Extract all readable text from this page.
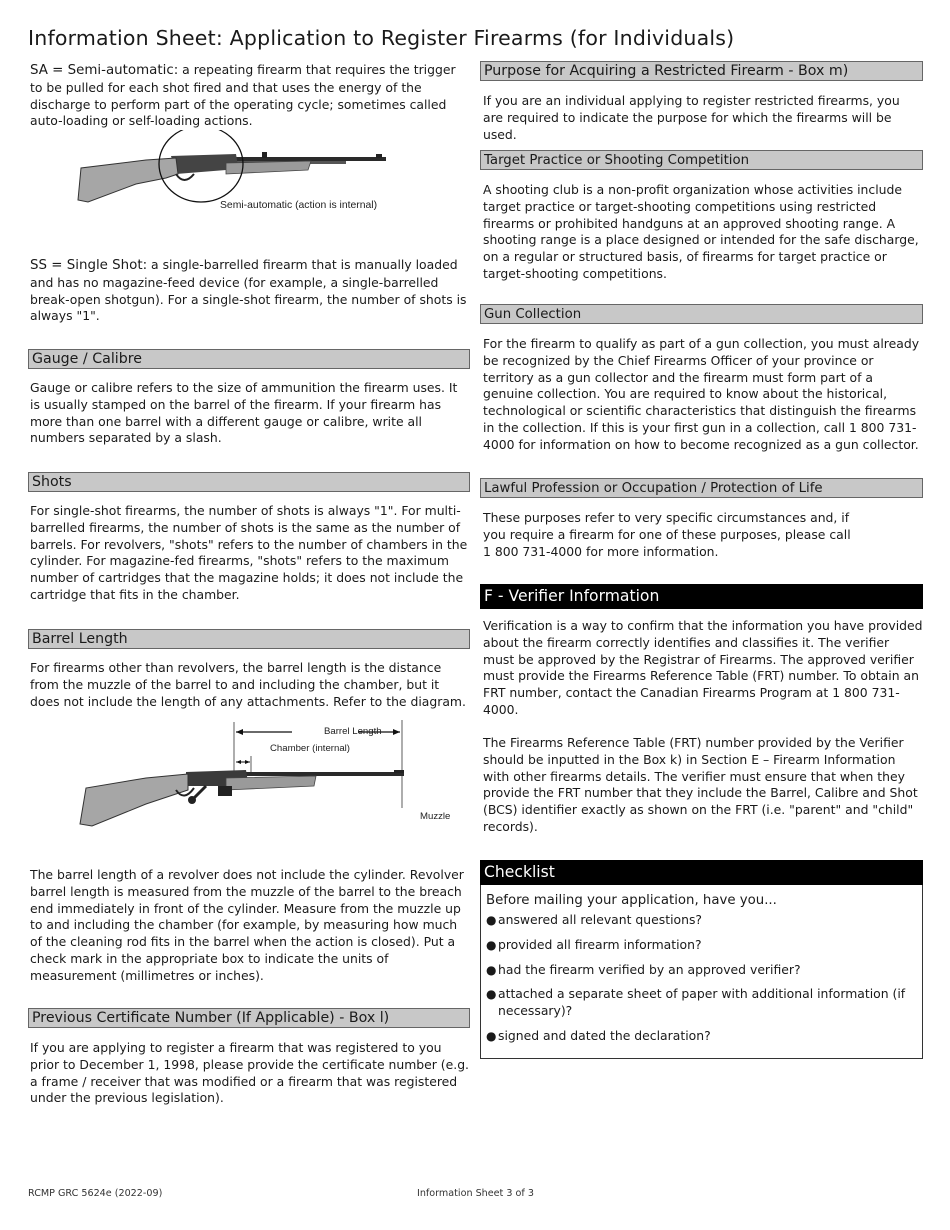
Information Sheet: Application to Register Firearms (for Individuals)

SA = Semi-automatic: a repeating firearm that requires the trigger to be pulled for each shot fired and that uses the energy of the discharge to perform part of the operating cycle; sometimes called auto-loading or self-loading actions.

Semi-automatic (action is internal)

SS = Single Shot: a single-barrelled firearm that is manually loaded and has no magazine-feed device (for example, a single-barrelled break-open shotgun). For a single-shot firearm, the number of shots is always "1".

Gauge / Calibre

Gauge or calibre refers to the size of ammunition the firearm uses. It is usually stamped on the barrel of the firearm. If your firearm has more than one barrel with a different gauge or calibre, write all numbers separated by a slash.

Shots

For single-shot firearms, the number of shots is always "1". For multi-barrelled firearms, the number of shots is the same as the number of barrels. For revolvers, "shots" refers to the number of chambers in the cylinder. For magazine-fed firearms, "shots" refers to the maximum number of cartridges that the magazine holds; it does not include the cartridge that fits in the chamber.

Barrel Length

For firearms other than revolvers, the barrel length is the distance from the muzzle of the barrel to and including the chamber, but it does not include the length of any attachments. Refer to the diagram.

Barrel Length
Chamber (internal)
Muzzle

The barrel length of a revolver does not include the cylinder. Revolver barrel length is measured from the muzzle of the barrel to the breach end immediately in front of the cylinder. Measure from the muzzle up to and including the chamber (for example, by measuring how much of the cleaning rod fits in the barrel when the action is closed). Put a check mark in the appropriate box to indicate the units of measurement (millimetres or inches).

Previous Certificate Number (If Applicable) - Box l)

If you are applying to register a firearm that was registered to you prior to December 1, 1998, please provide the certificate number (e.g. a frame / receiver that was modified or a firearm that was registered under the previous legislation).

Purpose for Acquiring a Restricted Firearm - Box m)

If you are an individual applying to register restricted firearms, you are required to indicate the purpose for which the firearms will be used.

Target Practice or Shooting Competition

A shooting club is a non-profit organization whose activities include target practice or target-shooting competitions using restricted firearms or prohibited handguns at an approved shooting range. A shooting range is a place designed or intended for the safe discharge, on a regular or structured basis, of firearms for target practice or target-shooting competitions.

Gun Collection

For the firearm to qualify as part of a gun collection, you must already be recognized by the Chief Firearms Officer of your province or territory as a gun collector and the firearm must form part of a genuine collection. You are required to know about the historical, technological or scientific characteristics that distinguish the firearms in the collection. If this is your first gun in a collection, call 1 800 731-4000 for information on how to become recognized as a gun collector.

Lawful Profession or Occupation / Protection of Life

These purposes refer to very specific circumstances and, if you require a firearm for one of these purposes, please call 1 800 731-4000 for more information.

F - Verifier Information

Verification is a way to confirm that the information you have provided about the firearm correctly identifies and classifies it. The verifier must be approved by the Registrar of Firearms. The approved verifier must provide the Firearms Reference Table (FRT) number. To obtain an FRT number, contact the Canadian Firearms Program at 1 800 731-4000.

The Firearms Reference Table (FRT) number provided by the Verifier should be inputted in the Box k) in Section E – Firearm Information with other firearms details. The verifier must ensure that when they provide the FRT number that they include the Barrel, Calibre and Shot (BCS) identifier exactly as shown on the FRT (i.e. "parent" and "child" records).

Checklist
Before mailing your application, have you...
● answered all relevant questions?
● provided all firearm information?
● had the firearm verified by an approved verifier?
● attached a separate sheet of paper with additional information (if necessary)?
● signed and dated the declaration?
RCMP GRC 5624e (2022-09)	Information Sheet 3 of 3
